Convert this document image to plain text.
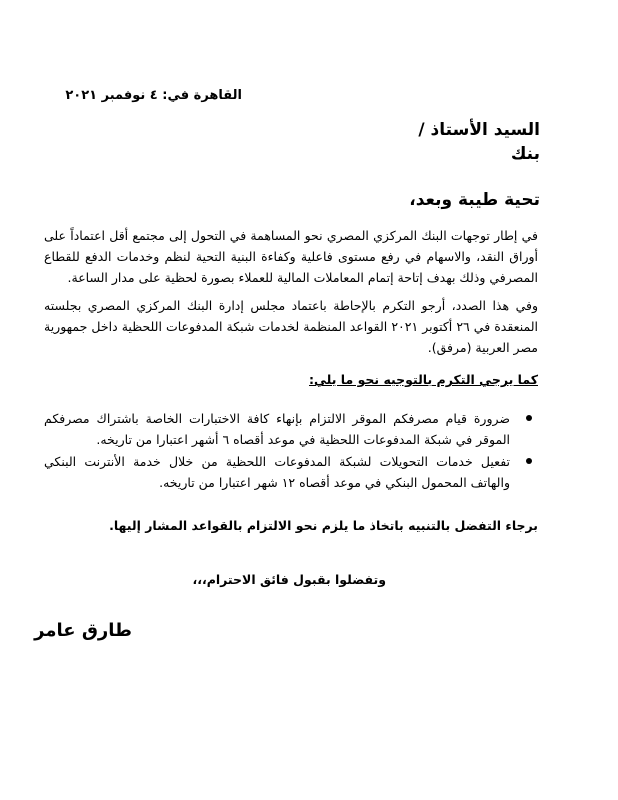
القاهرة في: ٤ نوفمبر ٢٠٢١
السيد الأستاذ /
بنك
تحية طيبة وبعد،
في إطار توجهات البنك المركزي المصري نحو المساهمة في التحول إلى مجتمع أقل اعتماداً على أوراق النقد، والاسهام في رفع مستوى فاعلية وكفاءة البنية التحية لنظم وخدمات الدفع للقطاع المصرفي وذلك بهدف إتاحة إتمام المعاملات المالية للعملاء بصورة لحظية على مدار الساعة.
وفي هذا الصدد، أرجو التكرم بالإحاطة باعتماد مجلس إدارة البنك المركزي المصري بجلسته المنعقدة في ٢٦ أكتوبر ٢٠٢١ القواعد المنظمة لخدمات شبكة المدفوعات اللحظية داخل جمهورية مصر العربية (مرفق).
كما يرجي التكرم بالتوجيه نحو ما يلي:
ضرورة قيام مصرفكم الموقر الالتزام بإنهاء كافة الاختبارات الخاصة باشتراك مصرفكم الموقر في شبكة المدفوعات اللحظية في موعد أقصاه ٦ أشهر اعتبارا من تاريخه.
تفعيل خدمات التحويلات لشبكة المدفوعات اللحظية من خلال خدمة الأنترنت البنكي والهاتف المحمول البنكي في موعد أقصاه ١٢ شهر اعتبارا من تاريخه.
برجاء التفضل بالتنبيه باتخاذ ما يلزم نحو الالتزام بالقواعد المشار إليها.
وتفضلوا بقبول فائق الاحترام،،،
طارق عامر
